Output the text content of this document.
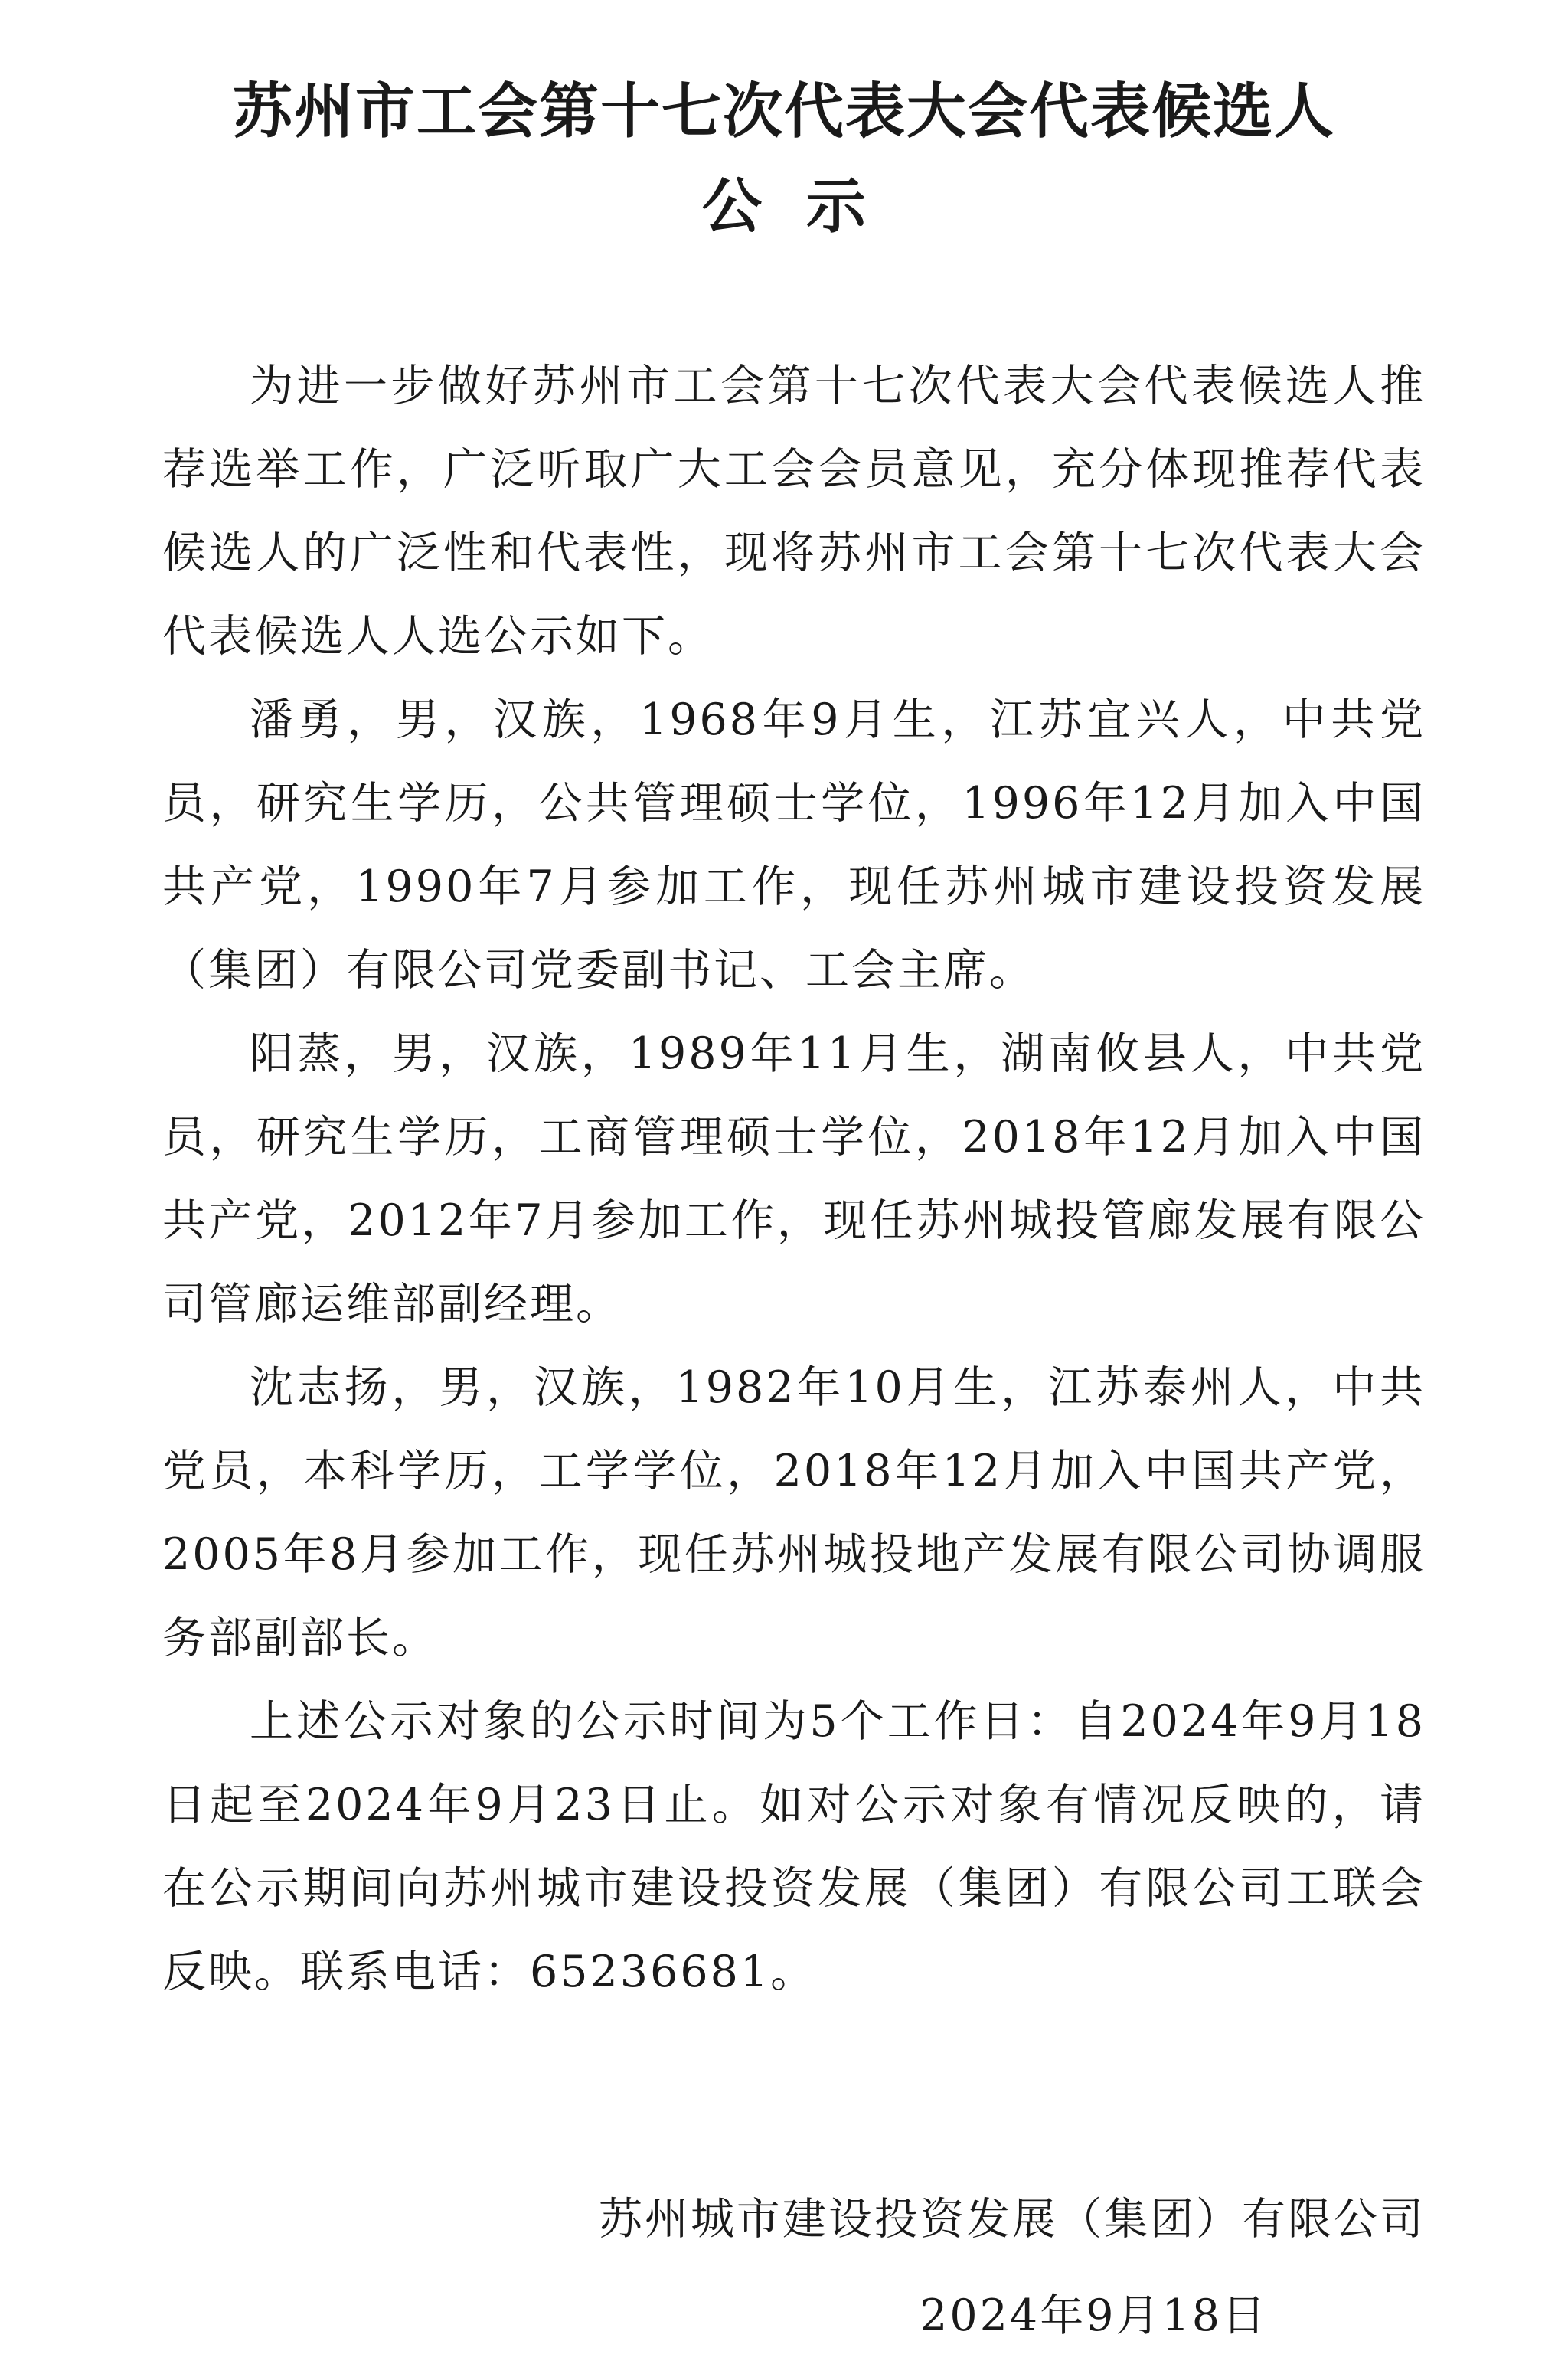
苏州市工会第十七次代表大会代表候选人
公示

为进一步做好苏州市工会第十七次代表大会代表候选人推荐选举工作，广泛听取广大工会会员意见，充分体现推荐代表候选人的广泛性和代表性，现将苏州市工会第十七次代表大会代表候选人人选公示如下。

潘勇，男，汉族，1968年9月生，江苏宜兴人，中共党员，研究生学历，公共管理硕士学位，1996年12月加入中国共产党，1990年7月参加工作，现任苏州城市建设投资发展（集团）有限公司党委副书记、工会主席。

阳蒸，男，汉族，1989年11月生，湖南攸县人，中共党员，研究生学历，工商管理硕士学位，2018年12月加入中国共产党，2012年7月参加工作，现任苏州城投管廊发展有限公司管廊运维部副经理。

沈志扬，男，汉族，1982年10月生，江苏泰州人，中共党员，本科学历，工学学位，2018年12月加入中国共产党，2005年8月参加工作，现任苏州城投地产发展有限公司协调服务部副部长。

上述公示对象的公示时间为5个工作日：自2024年9月18日起至2024年9月23日止。如对公示对象有情况反映的，请在公示期间向苏州城市建设投资发展（集团）有限公司工联会反映。联系电话：65236681。

苏州城市建设投资发展（集团）有限公司

2024年9月18日
